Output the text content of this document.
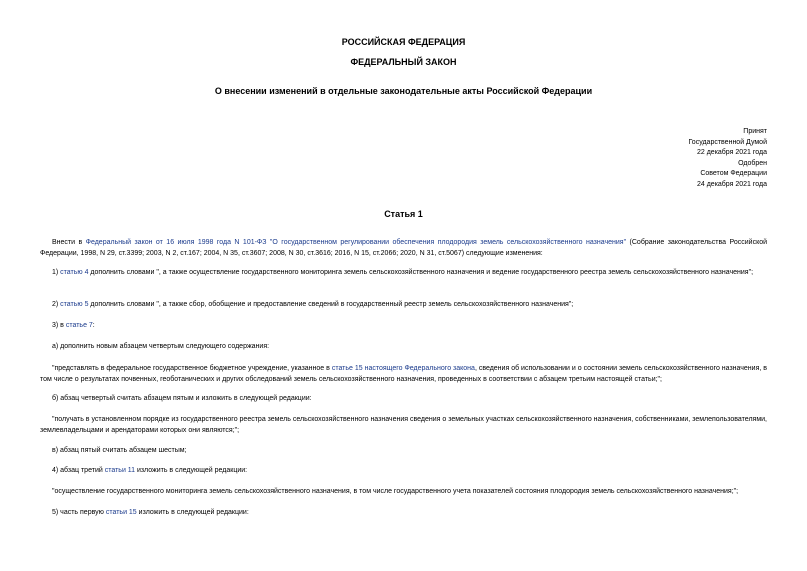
РОССИЙСКАЯ ФЕДЕРАЦИЯ
ФЕДЕРАЛЬНЫЙ ЗАКОН
О внесении изменений в отдельные законодательные акты Российской Федерации
Принят
Государственной Думой
22 декабря 2021 года
Одобрен
Советом Федерации
24 декабря 2021 года
Статья 1
Внести в Федеральный закон от 16 июля 1998 года N 101-ФЗ "О государственном регулировании обеспечения плодородия земель сельскохозяйственного назначения" (Собрание законодательства Российской Федерации, 1998, N 29, ст.3399; 2003, N 2, ст.167; 2004, N 35, ст.3607; 2008, N 30, ст.3616; 2016, N 15, ст.2066; 2020, N 31, ст.5067) следующие изменения:
1) статью 4 дополнить словами ", а также осуществление государственного мониторинга земель сельскохозяйственного назначения и ведение государственного реестра земель сельскохозяйственного назначения";
2) статью 5 дополнить словами ", а также сбор, обобщение и предоставление сведений в государственный реестр земель сельскохозяйственного назначения";
3) в статье 7:
а) дополнить новым абзацем четвертым следующего содержания:
"представлять в федеральное государственное бюджетное учреждение, указанное в статье 15 настоящего Федерального закона, сведения об использовании и о состоянии земель сельскохозяйственного назначения, в том числе о результатах почвенных, геоботанических и других обследований земель сельскохозяйственного назначения, проведенных в соответствии с абзацем третьим настоящей статьи;";
б) абзац четвертый считать абзацем пятым и изложить в следующей редакции:
"получать в установленном порядке из государственного реестра земель сельскохозяйственного назначения сведения о земельных участках сельскохозяйственного назначения, собственниками, землепользователями, землевладельцами и арендаторами которых они являются;";
в) абзац пятый считать абзацем шестым;
4) абзац третий статьи 11 изложить в следующей редакции:
"осуществление государственного мониторинга земель сельскохозяйственного назначения, в том числе государственного учета показателей состояния плодородия земель сельскохозяйственного назначения;";
5) часть первую статьи 15 изложить в следующей редакции:
